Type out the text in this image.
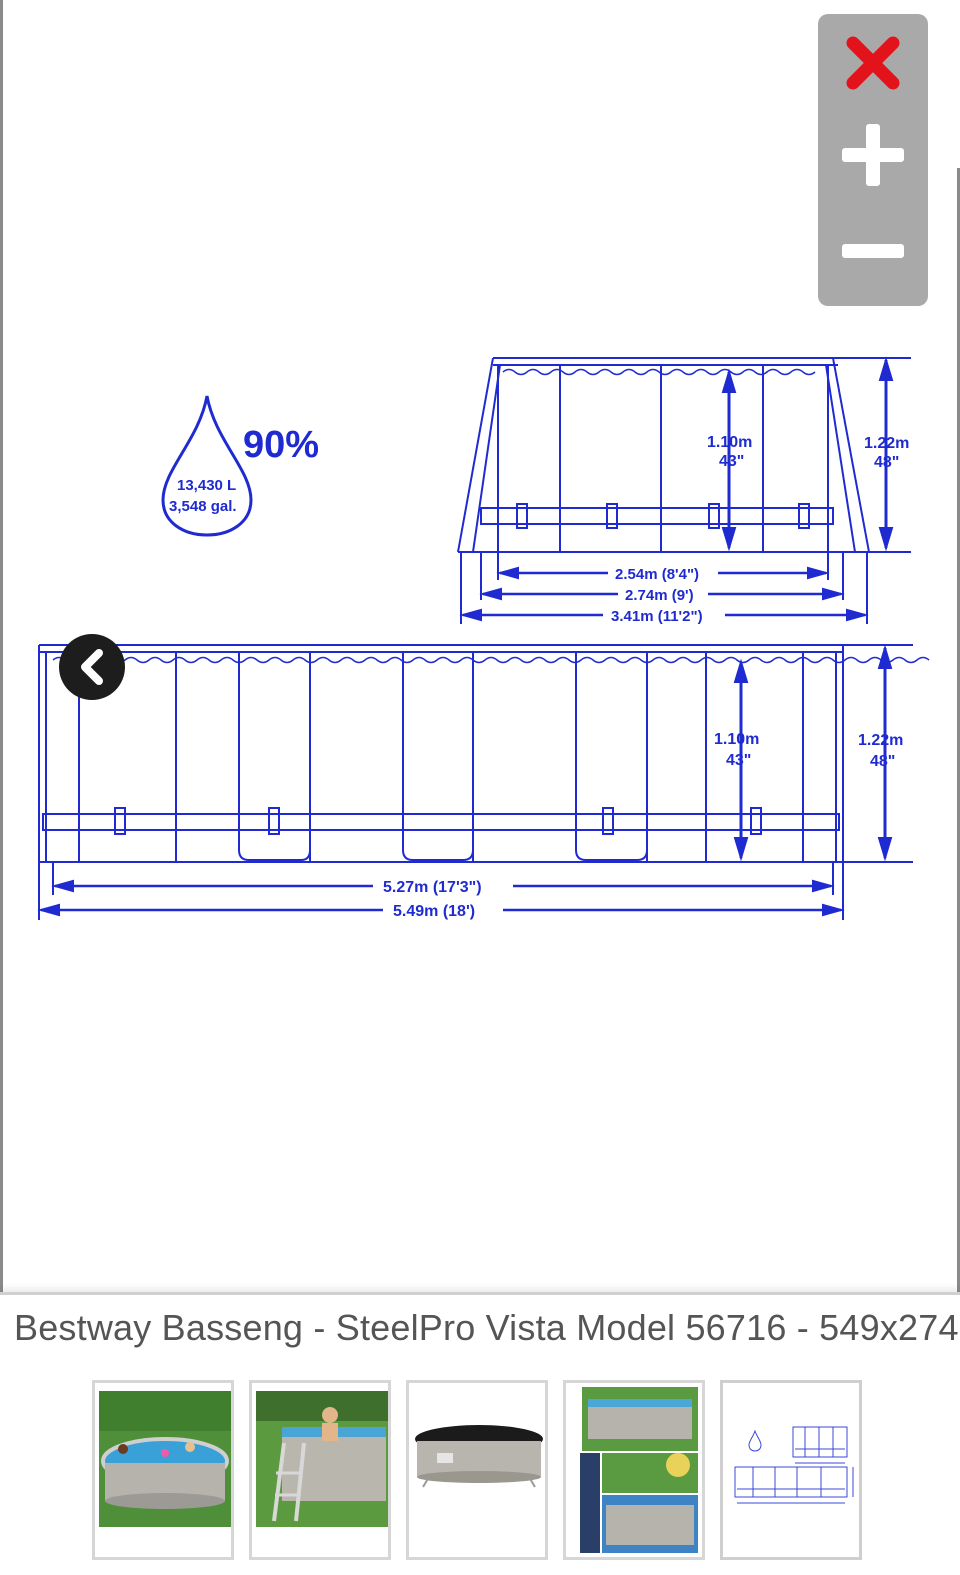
90%
13,430 L
3,548 gal.
1.10m
43"
1.22m
48"
2.54m (8'4")
2.74m (9')
3.41m (11'2")
1.10m
43"
1.22m
48"
5.27m (17'3")
5.49m (18')
Bestway Basseng - SteelPro Vista Model 56716 - 549x274
